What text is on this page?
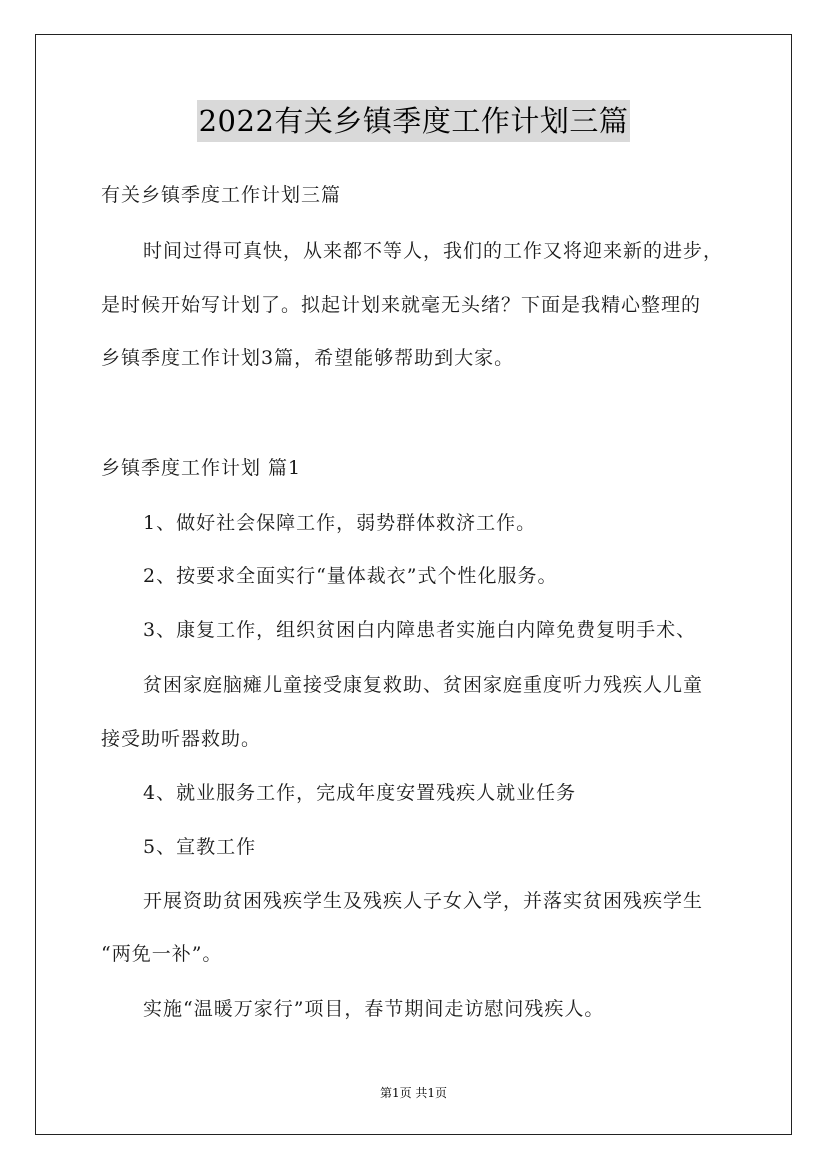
2022有关乡镇季度工作计划三篇
有关乡镇季度工作计划三篇
时间过得可真快，从来都不等人，我们的工作又将迎来新的进步，
是时候开始写计划了。拟起计划来就毫无头绪？下面是我精心整理的
乡镇季度工作计划3篇，希望能够帮助到大家。
乡镇季度工作计划 篇1
1、做好社会保障工作，弱势群体救济工作。
2、按要求全面实行“量体裁衣”式个性化服务。
3、康复工作，组织贫困白内障患者实施白内障免费复明手术、
贫困家庭脑瘫儿童接受康复救助、贫困家庭重度听力残疾人儿童
接受助听器救助。
4、就业服务工作，完成年度安置残疾人就业任务
5、宣教工作
开展资助贫困残疾学生及残疾人子女入学，并落实贫困残疾学生
“两免一补”。
实施“温暖万家行”项目，春节期间走访慰问残疾人。
第1页 共1页
